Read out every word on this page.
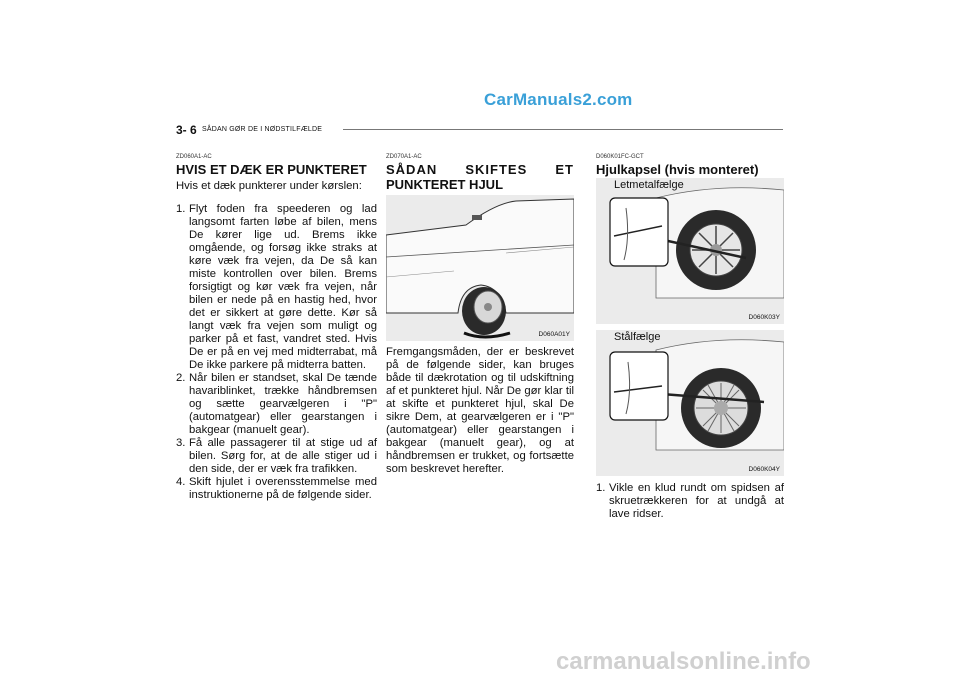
CarManuals2.com
carmanualsonline.info
3- 6 SÅDAN GØR DE I NØDSTILFÆLDE
ZD060A1-AC
HVIS ET DÆK ER PUNKTERET
Hvis et dæk punkterer under kørslen:
1. Flyt foden fra speederen og lad langsomt farten løbe af bilen, mens De kører lige ud. Brems ikke omgående, og forsøg ikke straks at køre væk fra vejen, da De så kan miste kontrollen over bilen. Brems forsigtigt og kør væk fra vejen, når bilen er nede på en hastig hed, hvor det er sikkert at gøre dette. Kør så langt væk fra vejen som muligt og parker på et fast, vandret sted. Hvis De er på en vej med midterrabat, må De ikke parkere på midterra batten.
2. Når bilen er standset, skal De tænde havariblinket, trække håndbremsen og sætte gearvælgeren i "P" (automatgear) eller gearstangen i bakgear (manuelt gear).
3. Få alle passagerer til at stige ud af bilen. Sørg for, at de alle stiger ud i den side, der er væk fra trafikken.
4. Skift hjulet i overensstemmelse med instruktionerne på de følgende sider.
ZD070A1-AC
SÅDAN SKIFTES ET
PUNKTERET HJUL
D060A01Y
Fremgangsmåden, der er beskrevet på de følgende sider, kan bruges både til dækrotation og til udskiftning af et punkteret hjul. Når De gør klar til at skifte et punkteret hjul, skal De sikre Dem, at gearvælgeren er i "P" (automatgear) eller gearstangen i bakgear (manuelt gear), og at håndbremsen er trukket, og fortsætte som beskrevet herefter.
D060K01FC-GCT
Hjulkapsel (hvis monteret)
Letmetalfælge
D060K03Y
Stålfælge
D060K04Y
1. Vikle en klud rundt om spidsen af skruetrækkeren for at undgå at lave ridser.
